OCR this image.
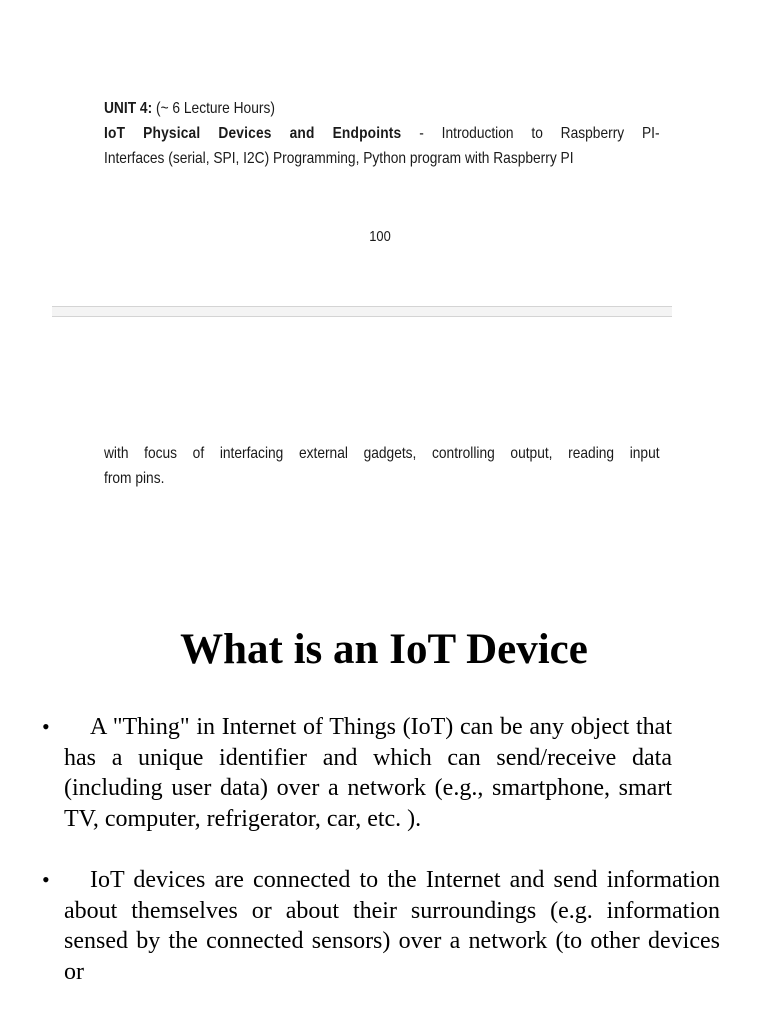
UNIT 4: (~ 6 Lecture Hours)
IoT Physical Devices and Endpoints - Introduction to Raspberry PI-
Interfaces (serial, SPI, I2C) Programming, Python program with Raspberry PI
100
with focus of interfacing external gadgets, controlling output, reading input
from pins.
What is an IoT Device
•	A "Thing" in Internet of Things (IoT) can be any object that has a unique identifier and which can send/receive data (including user data) over a network (e.g., smartphone, smart TV, computer, refrigerator, car, etc. ).
•	IoT devices are connected to the Internet and send information about themselves or about their surroundings (e.g. information sensed by the connected sensors) over a network (to other devices or
